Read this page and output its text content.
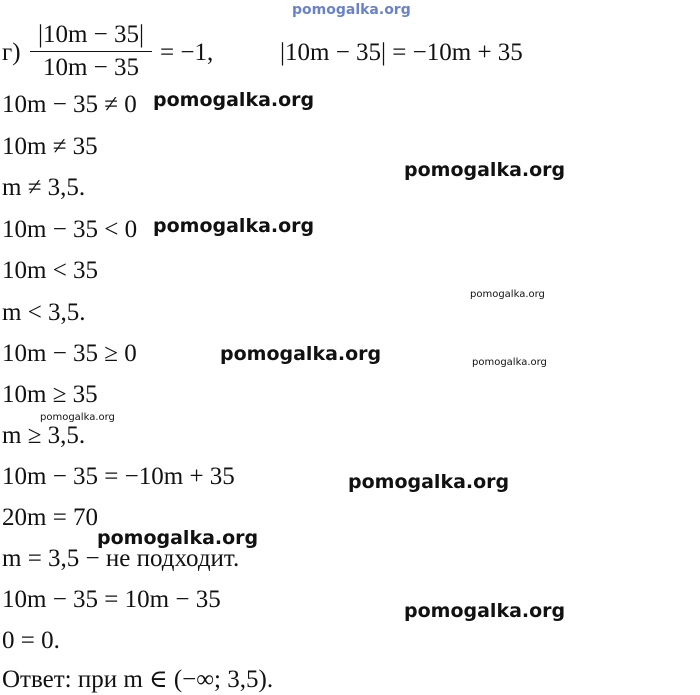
pomogalka.org
$г) \frac{|10m - 35|}{10m - 35} = -1$,	|10m − 35| = −10m + 35
10m − 35 ≠ 0
10m ≠ 35
m ≠ 3,5.
10m − 35 < 0
10m < 35
m < 3,5.
10m − 35 ≥ 0
10m ≥ 35
m ≥ 3,5.
10m − 35 = −10m + 35
20m = 70
m = 3,5 − не подходит.
10m − 35 = 10m − 35
0 = 0.
Ответ: при m ∈ (−∞; 3,5).
pomogalka.org
pomogalka.org
pomogalka.org
pomogalka.org
pomogalka.org	pomogalka.org
pomogalka.org
pomogalka.org
pomogalka.org
pomogalka.org
